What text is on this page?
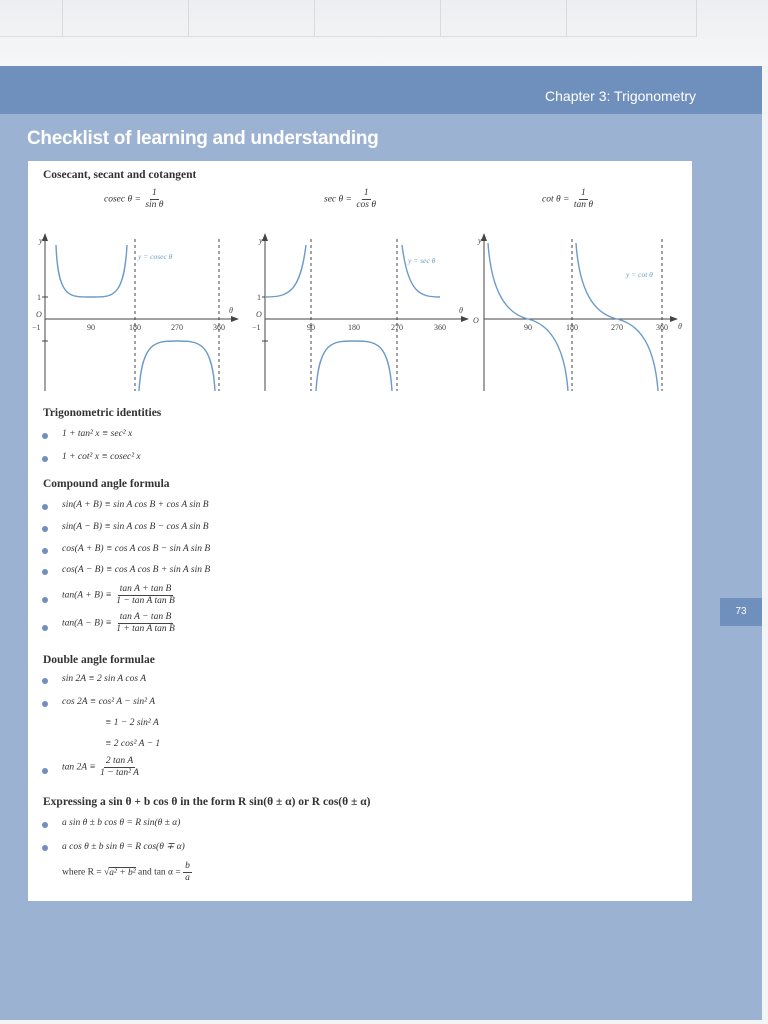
Chapter 3: Trigonometry
Checklist of learning and understanding
73
Cosecant, secant and cotangent
cosec $\theta = \frac{1}{\text{sin θ}}$	$\sec \theta = \frac{1}{\text{cos θ}}$	$\cot \theta = \frac{1}{\text{tan θ}}$
y
θ
O
1
−1
y = cosec θ
90	180	270	360
y
θ
O
1
−1
y = sec θ
90	180	270	360
y
θ
O
y = cot θ
90	180	270	360
Trigonometric identities
1 + tan² x ≡ sec² x
1 + cot² x ≡ cosec² x
Compound angle formula
sin(A + B) ≡ sin A cos B + cos A sin B
sin(A − B) ≡ sin A cos B − cos A sin B
cos(A + B) ≡ cos A cos B − sin A sin B
cos(A − B) ≡ cos A cos B + sin A sin B
$\tan(A + B) \equiv \frac{\text{tan A + tan B}}{\text{1 − tan A tan B}}$
$\tan(A - B) \equiv \frac{\text{tan A − tan B}}{\text{1 + tan A tan B}}$
Double angle formulae
sin 2A ≡ 2 sin A cos A
cos 2A ≡ cos² A − sin² A
≡ 1 − 2 sin² A
≡ 2 cos² A − 1
$\tan 2A \equiv \frac{\text{2 tan A}}{\text{1 − tan² A}}$
Expressing a sin θ + b cos θ in the form R sin(θ ± α) or R cos(θ ± α)
a sin θ ± b cos θ = R sin(θ ± α)
a cos θ ± b sin θ = R cos(θ ∓ α)
where R = √a² + b² and $\tan \alpha = \frac{b}{a}$
